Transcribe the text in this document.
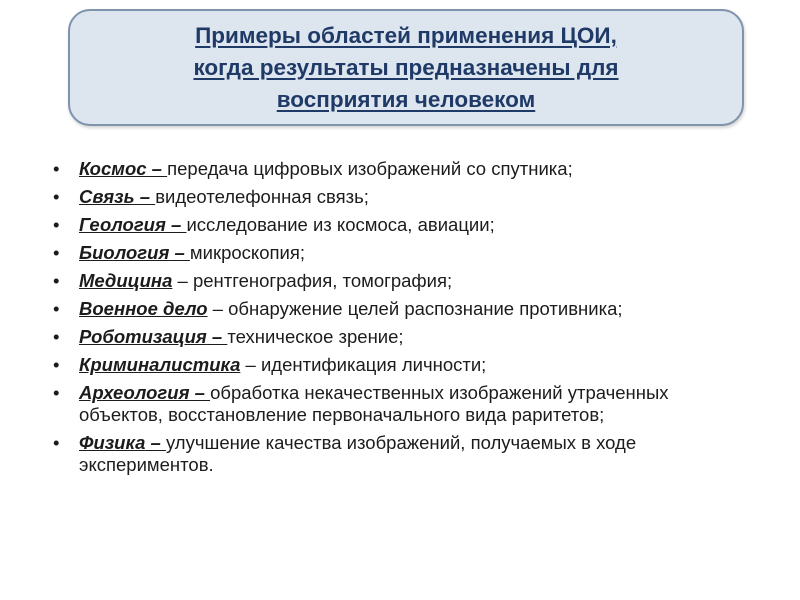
Примеры областей применения ЦОИ,
когда результаты предназначены для
восприятия человеком
• Космос – передача цифровых изображений со спутника;
• Связь – видеотелефонная связь;
• Геология – исследование из космоса, авиации;
• Биология – микроскопия;
• Медицина – рентгенография, томография;
• Военное дело – обнаружение целей распознание противника;
• Роботизация – техническое зрение;
• Криминалистика – идентификация личности;
• Археология – обработка некачественных изображений утраченных объектов, восстановление первоначального вида раритетов;
• Физика – улучшение качества изображений, получаемых в ходе экспериментов.
